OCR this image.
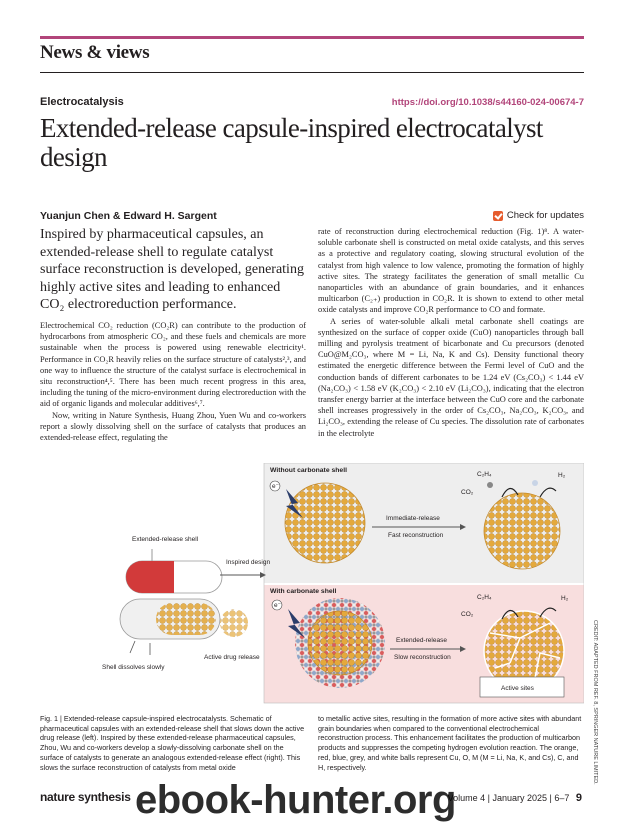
News & views
Electrocatalysis	https://doi.org/10.1038/s44160-024-00674-7
Extended-release capsule-inspired electrocatalyst design
Yuanjun Chen & Edward H. Sargent	Check for updates
Inspired by pharmaceutical capsules, an extended-release shell to regulate catalyst surface reconstruction is developed, generating highly active sites and leading to enhanced CO₂ electroreduction performance.

Electrochemical CO₂ reduction (CO₂R) can contribute to the production of hydrocarbons from atmospheric CO₂, and these fuels and chemicals are more sustainable when the process is powered using renewable electricity¹. Performance in CO₂R heavily relies on the surface structure of catalysts²,³, and one way to influence the structure of the catalyst surface is electrochemical in situ reconstruction⁴,⁵. There has been much recent progress in this area, including the tuning of the micro-environment during electroreduction with the aid of organic ligands and molecular additives⁶,⁷.

Now, writing in Nature Synthesis, Huang Zhou, Yuen Wu and co-workers report a slowly dissolving shell on the surface of catalysts that produces an extended-release effect, regulating the

rate of reconstruction during electrochemical reduction (Fig. 1)⁸. A water-soluble carbonate shell is constructed on metal oxide catalysts, and this serves as a protective and regulatory coating, slowing structural evolution of the catalyst from high valence to low valence, promoting the formation of highly active sites. The strategy facilitates the generation of small metallic Cu nanoparticles with an abundance of grain boundaries, and it enhances multicarbon (C₂₊) production in CO₂R. It is shown to extend to other metal oxide catalysts and improve CO₂R performance to CO and formate.

A series of water-soluble alkali metal carbonate shell coatings are synthesized on the surface of copper oxide (CuO) nanoparticles through ball milling and pyrolysis treatment of bicarbonate and Cu precursors (denoted CuO@M₂CO₃, where M = Li, Na, K and Cs). Density functional theory estimated the energetic difference between the Fermi level of CuO and the conduction bands of different carbonates to be 1.24 eV (Cs₂CO₃) < 1.44 eV (Na₂CO₃) < 1.58 eV (K₂CO₃) < 2.10 eV (Li₂CO₃), indicating that the electron transfer energy barrier at the interface between the CuO core and the carbonate shell increases progressively in the order of Cs₂CO₃, Na₂CO₃, K₂CO₃, and Li₂CO₃, extending the release of Cu species. The dissolution rate of carbonates in the electrolyte

Without carbonate shell
With carbonate shell
e⁻
Immediate-release
Fast reconstruction
C₂H₄
CO₂
H₂
e⁻
Extended-release
Slow reconstruction
C₂H₄
CO₂
H₂
Active sites
Extended-release shell
Inspired design
Shell dissolves slowly
Active drug release
Fig. 1 | Extended-release capsule-inspired electrocatalysts. Schematic of pharmaceutical capsules with an extended-release shell that slows down the active drug release (left). Inspired by these extended-release pharmaceutical capsules, Zhou, Wu and co-workers develop a slowly-dissolving carbonate shell on the surface of catalysts to generate an analogous extended-release effect (right). This slows the surface reconstruction of catalysts from metal oxide
to metallic active sites, resulting in the formation of more active sites with abundant grain boundaries when compared to the conventional electrochemical reconstruction process. This enhancement facilitates the production of multicarbon products and suppresses the competing hydrogen evolution reaction. The orange, red, blue, grey, and white balls represent Cu, O, M (M = Li, Na, K, and Cs), C, and H, respectively.	CREDIT: ADAPTED FROM REF. 8, SPRINGER NATURE LIMITED.
nature synthesis	Volume 4 | January 2025 | 6–7 9
ebook-hunter.org
